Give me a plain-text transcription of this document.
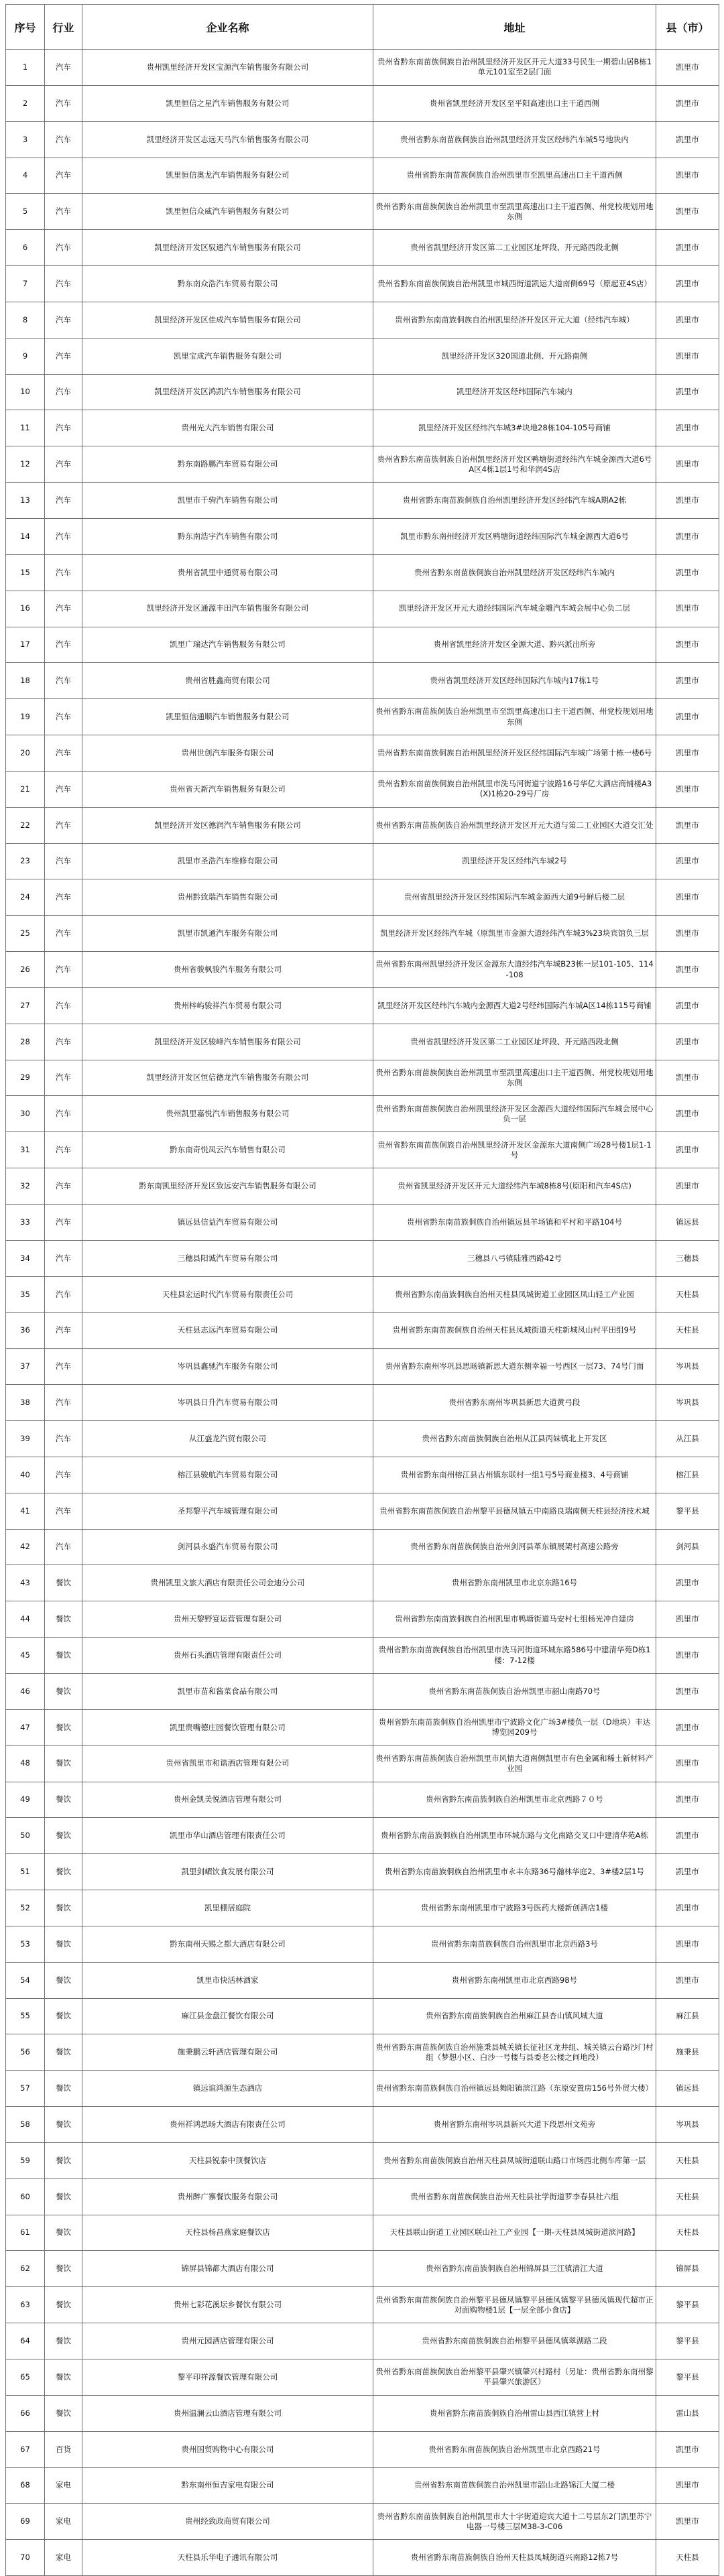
序号	行业	企业名称	地址	县（市）
1	汽车	贵州凯里经济开发区宝源汽车销售服务有限公司	贵州省黔东南苗族侗族自治州凯里经济开发区开元大道33号民生一期碧山居B栋1单元101室至2层门面	凯里市
2	汽车	凯里恒信之星汽车销售服务有限公司	贵州省凯里经济开发区至平阳高速出口主干道西侧	凯里市
3	汽车	凯里经济开发区志远天马汽车销售服务有限公司	贵州省黔东南苗族侗族自治州凯里经济开发区经纬汽车城5号地块内	凯里市
4	汽车	凯里恒信奥龙汽车销售服务有限公司	贵州省黔东南苗族侗族自治州凯里市至凯里高速出口主干道西侧	凯里市
5	汽车	凯里恒信众威汽车销售服务有限公司	贵州省黔东南苗族侗族自治州凯里市至凯里高速出口主干道西侧、州党校规划用地东侧	凯里市
6	汽车	凯里经济开发区驭通汽车销售服务有限公司	贵州省凯里经济开发区第二工业园区址坪段、开元路西段北侧	凯里市
7	汽车	黔东南众浩汽车贸易有限公司	贵州省黔东南苗族侗族自治州凯里市城西街道凯运大道南侧69号（原起亚4S店）	凯里市
8	汽车	凯里经济开发区佳成汽车销售服务有限公司	贵州省黔东南苗族侗族自治州凯里经济开发区开元大道（经纬汽车城）	凯里市
9	汽车	凯里宝成汽车销售服务有限公司	凯里经济开发区320国道北侧、开元路南侧	凯里市
10	汽车	凯里经济开发区鸿凯汽车销售服务有限公司	凯里经济开发区经纬国际汽车城内	凯里市
11	汽车	贵州光大汽车销售有限公司	凯里经济开发区经纬汽车城3#块地28栋104-105号商铺	凯里市
12	汽车	黔东南路鹏汽车贸易有限公司	贵州省黔东南苗族侗族自治州凯里经济开发区鸭塘街道经纬汽车城金源西大道6号A区4栋1层1号和华润4S店	凯里市
13	汽车	凯里市千驹汽车销售有限公司	贵州省黔东南苗族侗族自治州凯里经济开发区经纬汽车城A期A2栋	凯里市
14	汽车	黔东南浩宇汽车销售有限公司	凯里市黔东南州经济开发区鸭塘街道经纬国际汽车城金源西大道6号	凯里市
15	汽车	贵州省凯里中通贸易有限公司	贵州省黔东南苗族侗族自治州凯里经济开发区经纬汽车城内	凯里市
16	汽车	凯里经济开发区通源丰田汽车销售服务有限公司	凯里经济开发区开元大道经纬国际汽车城金雕汽车城会展中心负二层	凯里市
17	汽车	凯里广瑞达汽车销售服务有限公司	贵州省凯里经济开发区金源大道、黔兴派出所旁	凯里市
18	汽车	贵州省胜鑫商贸有限公司	贵州省凯里经济开发区经纬国际汽车城内17栋1号	凯里市
19	汽车	凯里恒信通顺汽车销售服务有限公司	贵州省黔东南苗族侗族自治州凯里市至凯里高速出口主干道西侧、州党校规划用地东侧	凯里市
20	汽车	贵州世创汽车服务有限公司	贵州省黔东南苗族侗族自治州凯里经济开发区经纬国际汽车城广场第十栋一楼6号	凯里市
21	汽车	贵州省天新汽车销售服务有限公司	贵州省黔东南苗族侗族自治州凯里市洗马河街道宁波路16号华亿大酒店商铺楼A3(X)1栋20-29号厂房	凯里市
22	汽车	凯里经济开发区德润汽车销售服务有限公司	贵州省黔东南苗族侗族自治州凯里经济开发区开元大道与第二工业园区大道交汇处	凯里市
23	汽车	凯里市圣浩汽车维修有限公司	凯里经济开发区经纬汽车城2号	凯里市
24	汽车	贵州黔致瑞汽车销售有限公司	贵州省凯里经济开发区经纬国际汽车城金源西大道9号鲜后楼二层	凯里市
25	汽车	凯里市凯通汽车服务有限公司	凯里经济开发区经纬汽车城（原凯里市金源大道经纬汽车城3%23块宾馆负三层	凯里市
26	汽车	贵州省骏枫骏汽车服务有限公司	贵州省黔东南州凯里经济开发区金源东大道经纬汽车城B23栋一层101-105、114-108	凯里市
27	汽车	贵州梓屿骏祥汽车贸易有限公司	凯里经济开发区经纬汽车城内金源西大道2号经纬国际汽车城A区14栋115号商铺	凯里市
28	汽车	凯里经济开发区骏峰汽车销售服务有限公司	贵州省凯里经济开发区第二工业园区址坪段、开元路西段北侧	凯里市
29	汽车	凯里经济开发区恒信德龙汽车销售服务有限公司	贵州省黔东南苗族侗族自治州凯里市至凯里高速出口主干道西侧、州党校规划用地东侧	凯里市
30	汽车	贵州凯里嘉悦汽车销售服务有限公司	贵州省黔东南苗族侗族自治州凯里经济开发区金源西大道经纬国际汽车城会展中心负一层	凯里市
31	汽车	黔东南奇悦凤云汽车销售有限公司	贵州省黔东南苗族侗族自治州凯里经济开发区金源东大道南侧广场28号楼1层1-1号	凯里市
32	汽车	黔东南凯里经济开发区致远安汽车销售服务有限公司	贵州省凯里经济开发区开元大道经纬汽车城8栋8号(原阳和汽车4S店)	凯里市
33	汽车	镇远县信益汽车贸易有限公司	贵州省黔东南苗族侗族自治州镇远县羊场镇和平村和平路104号	镇远县
34	汽车	三穗县阳诚汽车贸易有限公司	三穗县八弓镇陆雅西路42号	三穗县
35	汽车	天柱县宏运时代汽车贸易有限责任公司	贵州省黔东南苗族侗族自治州天柱县凤城街道工业园区凤山轻工产业园	天柱县
36	汽车	天柱县志远汽车贸易有限公司	贵州省黔东南苗族侗族自治州天柱县凤城街道天柱新城凤山村平田组9号	天柱县
37	汽车	岑巩县鑫驰汽车服务有限公司	贵州省黔东南州岑巩县思旸镇新思大道东侧幸福一号西区一层73、74号门面	岑巩县
38	汽车	岑巩县日升汽车贸易有限公司	贵州省黔东南州岑巩县新思大道黄弓段	岑巩县
39	汽车	从江盛龙汽贸有限公司	贵州省黔东南苗族侗族自治州从江县丙妹镇北上开发区	从江县
40	汽车	榕江县骏航汽车贸易有限公司	贵州省黔东南州榕江县古州镇东联村一组1号5号商业楼3、4号商铺	榕江县
41	汽车	圣邦黎平汽车城管理有限公司	贵州省黔东南苗族侗族自治州黎平县德凤镇五中南路良瑞南侧天柱县经济技术城	黎平县
42	汽车	剑河县永盛汽车贸易有限公司	贵州省黔东南苗族侗族自治州剑河县革东镇展架村高速公路旁	剑河县
43	餐饮	贵州凯里文旅大酒店有限责任公司金迪分公司	贵州省黔东南州凯里市北京东路16号	凯里市
44	餐饮	贵州天黎野宴运营管理有限公司	贵州省黔东南苗族侗族自治州凯里市鸭塘街道马安村七组杨光冲自建房	凯里市
45	餐饮	贵州石头酒店管理有限责任公司	贵州省黔东南苗族侗族自治州凯里市洗马河街道环城东路586号中建清华苑D栋1楼：7-12楼	凯里市
46	餐饮	凯里市苗和酱菜食品有限公司	贵州省黔东南苗族侗族自治州凯里市韶山南路70号	凯里市
47	餐饮	凯里贵嘴德庄园餐饮管理有限公司	贵州省黔东南苗族侗族自治州凯里市宁波路文化广场3#楼负一层（D地块）丰达博览园209号	凯里市
48	餐饮	贵州省凯里市和谐酒店管理有限公司	贵州省黔东南苗族侗族自治州凯里市风情大道南侧凯里市有色金属和稀土新材料产业园	凯里市
49	餐饮	贵州金凯美悦酒店管理有限公司	贵州省黔东南苗族侗族自治州凯里市北京西路７０号	凯里市
50	餐饮	凯里市华山酒店管理有限责任公司	贵州省黔东南苗族侗族自治州凯里市环城东路与文化南路交叉口中建清华苑A栋	凯里市
51	餐饮	凯里剑嵋饮食发展有限公司	贵州省黔东南苗族侗族自治州凯里市永丰东路36号瀚林华庭2、3#楼2层1号	凯里市
52	餐饮	凯里棚居庭院	贵州省黔东南州凯里市宁波路3号医药大楼新创酒店1楼	凯里市
53	餐饮	黔东南州天赐之都大酒店有限公司	贵州省黔东南苗族侗族自治州凯里市北京西路3号	凯里市
54	餐饮	凯里市快活林酒家	贵州省黔东南州凯里市北京西路98号	凯里市
55	餐饮	麻江县金盘江餐饮有限公司	贵州省黔东南苗族侗族自治州麻江县杏山镇风城大道	麻江县
56	餐饮	施秉鹏云轩酒店管理有限公司	贵州省黔东南苗族侗族自治州施秉县城关镇长征社区龙井组、城关镇云台路沙门村组（梦想小区、白沙一号楼与县委老公楼之间地段）	施秉县
57	餐饮	镇远谊鸿源生态酒店	贵州省黔东南苗族侗族自治州镇远县舞阳镇滨江路（东原安置房156号外贸大楼）	镇远县
58	餐饮	贵州祥鸿思旸大酒店有限责任公司	贵州省黔东南州岑巩县新兴大道下段思州文苑旁	岑巩县
59	餐饮	天柱县锐泰中顶餐饮店	贵州省黔东南苗族侗族自治州天柱县凤城街道联山路口市场西北侧车库第一层	天柱县
60	餐饮	贵州醉广寨餐饮服务有限公司	贵州省黔东南苗族侗族自治州天柱县社学街道罗李春县社六组	天柱县
61	餐饮	天柱县杨昌燕家庭餐饮店	天柱县联山街道工业园区联山社工产业园【一期-天柱县凤城街道滨河路】	天柱县
62	餐饮	锦屏县锦都大酒店有限公司	贵州省黔东南苗族侗族自治州锦屏县三江镇清江大道	锦屏县
63	餐饮	贵州七彩花溪坛乡餐饮有限公司	贵州省黔东南苗族侗族自治州黎平县德凤镇黎平县德凤镇黎平县德凤镇现代超市正对面购物楼1层【一层全部小食店】	黎平县
64	餐饮	贵州元园酒店管理有限公司	贵州省黔东南苗族侗族自治州黎平县德凤镇翠湖路二段	黎平县
65	餐饮	黎平印祥源餐饮管理有限公司	贵州省黔东南苗族侗族自治州黎平县肇兴镇肇兴村路村（另址：贵州省黔东南州黎平县肇兴旅游区）	黎平县
66	餐饮	贵州温澜云山酒店管理有限公司	贵州省黔东南苗族侗族自治州雷山县西江镇营上村	雷山县
67	百货	贵州国贸购物中心有限公司	贵州省黔东南苗族侗族自治州凯里市北京西路21号	凯里市
68	家电	黔东南州恒吉家电有限公司	贵州省黔东南苗族侗族自治州凯里市韶山北路锦江大厦二楼	凯里市
69	家电	贵州经致政商贸有限公司	贵州省黔东南苗族侗族自治州凯里市大十字街道迎宾大道十二号层东2门凯里苏宁电器一号楼三层M38-3-C06	凯里市
70	家电	天柱县乐华电子通讯有限公司	贵州省黔东南苗族侗族自治州天柱县凤城街道兴南路12栋7号	天柱县
